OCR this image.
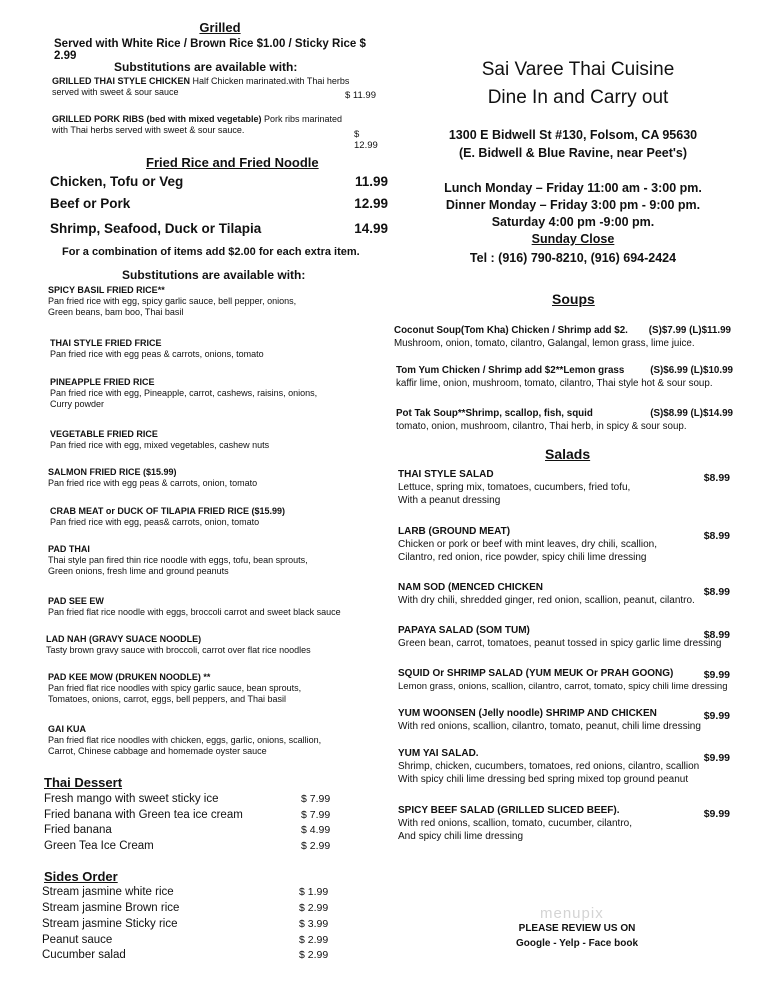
Grilled
Served with White Rice / Brown Rice $1.00 / Sticky Rice $ 2.99
Substitutions are available with:
GRILLED THAI STYLE CHICKEN Half Chicken marinated.with Thai herbs
served with sweet & sour sauce	$ 11.99
GRILLED PORK RIBS (bed with mixed vegetable) Pork ribs marinated
with Thai herbs served with sweet & sour sauce.	$ 12.99
Fried Rice and Fried Noodle
Chicken, Tofu or Veg	11.99
Beef or Pork	12.99
Shrimp, Seafood, Duck or Tilapia	14.99
For a combination of items add $2.00 for each extra item.
Substitutions are available with:
SPICY BASIL FRIED RICE**
Pan fried rice with egg, spicy garlic sauce, bell pepper, onions,
Green beans, bam boo, Thai basil
THAI STYLE FRIED FRICE
Pan fried rice with egg peas & carrots, onions, tomato
PINEAPPLE FRIED RICE
Pan fried rice with egg, Pineapple, carrot, cashews, raisins, onions,
Curry powder
VEGETABLE FRIED RICE
Pan fried rice with egg, mixed vegetables, cashew nuts
SALMON FRIED RICE ($15.99)
Pan fried rice with egg peas & carrots, onion, tomato
CRAB MEAT or DUCK OF TILAPIA FRIED RICE ($15.99)
Pan fried rice with egg, peas& carrots, onion, tomato
PAD THAI
Thai style pan fired thin rice noodle with eggs, tofu, bean sprouts,
Green onions, fresh lime and ground peanuts
PAD SEE EW
Pan fried flat rice noodle with eggs, broccoli carrot and sweet black sauce
LAD NAH (GRAVY SUACE NOODLE)
Tasty brown gravy sauce with broccoli, carrot over flat rice noodles
PAD KEE MOW (DRUKEN NOODLE) **
Pan fried flat rice noodles with spicy garlic sauce, bean sprouts,
Tomatoes, onions, carrot, eggs, bell peppers, and Thai basil
GAI KUA
Pan fried flat rice noodles with chicken, eggs, garlic, onions, scallion,
Carrot, Chinese cabbage and homemade oyster sauce
Thai Dessert
Fresh mango with sweet sticky ice	$ 7.99
Fried banana with Green tea ice cream	$ 7.99
Fried banana	$ 4.99
Green Tea Ice Cream	$ 2.99
Sides Order
Stream jasmine white rice	$ 1.99
Stream jasmine Brown rice	$ 2.99
Stream jasmine Sticky rice	$ 3.99
Peanut sauce	$ 2.99
Cucumber salad	$ 2.99
Sai Varee Thai Cuisine
Dine In and Carry out
1300 E Bidwell St #130, Folsom, CA 95630
(E. Bidwell & Blue Ravine, near Peet's)
Lunch Monday – Friday 11:00 am - 3:00 pm.
Dinner Monday – Friday 3:00 pm - 9:00 pm.
Saturday 4:00 pm -9:00 pm.
Sunday Close
Tel : (916) 790-8210, (916) 694-2424
Soups
Coconut Soup(Tom Kha) Chicken / Shrimp add $2. (S)$7.99 (L)$11.99
Mushroom, onion, tomato, cilantro, Galangal, lemon grass, lime juice.
Tom Yum Chicken / Shrimp add $2**Lemon grass	(S)$6.99 (L)$10.99
kaffir lime, onion, mushroom, tomato, cilantro, Thai style hot & sour soup.
Pot Tak Soup**Shrimp, scallop, fish, squid	(S)$8.99 (L)$14.99
tomato, onion, mushroom, cilantro, Thai herb, in spicy & sour soup.
Salads
THAI STYLE SALAD	$8.99
Lettuce, spring mix, tomatoes, cucumbers, fried tofu,
With a peanut dressing
LARB (GROUND MEAT)	$8.99
Chicken or pork or beef with mint leaves, dry chili, scallion,
Cilantro, red onion, rice powder, spicy chili lime dressing
NAM SOD (MENCED CHICKEN	$8.99
With dry chili, shredded ginger, red onion, scallion, peanut, cilantro.
PAPAYA SALAD (SOM TUM)	$8.99
Green bean, carrot, tomatoes, peanut tossed in spicy garlic lime dressing
SQUID Or SHRIMP SALAD (YUM MEUK Or PRAH GOONG)	$9.99
Lemon grass, onions, scallion, cilantro, carrot, tomato, spicy chili lime dressing
YUM WOONSEN (Jelly noodle) SHRIMP AND CHICKEN	$9.99
With red onions, scallion, cilantro, tomato, peanut, chili lime dressing
YUM YAI SALAD.	$9.99
Shrimp, chicken, cucumbers, tomatoes, red onions, cilantro, scallion
With spicy chili lime dressing bed spring mixed top ground peanut
SPICY BEEF SALAD (GRILLED SLICED BEEF).	$9.99
With red onions, scallion, tomato, cucumber, cilantro,
And spicy chili lime dressing
PLEASE REVIEW US ON
Google - Yelp - Face book
menupix
